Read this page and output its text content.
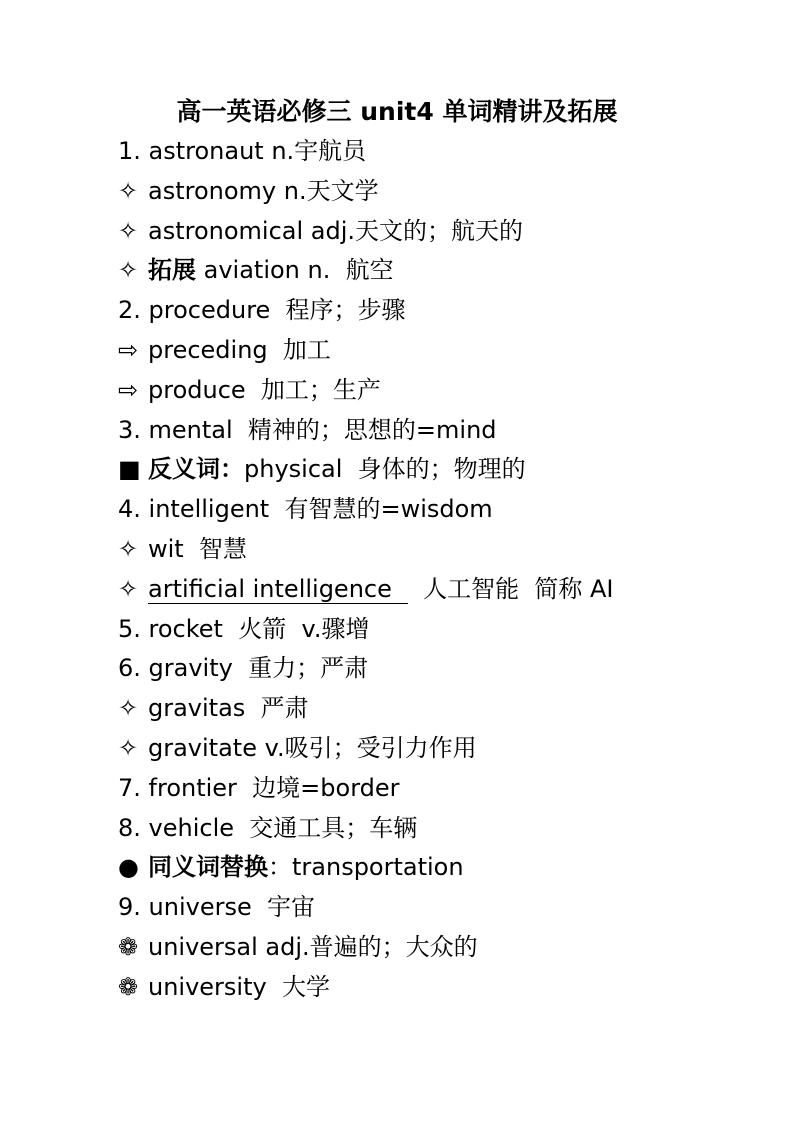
高一英语必修三 unit4 单词精讲及拓展
1. astronaut n.宇航员
✧ astronomy n.天文学
✧ astronomical adj.天文的；航天的
✧ 拓展 aviation n.  航空
2. procedure  程序；步骤
⇨ preceding  加工
⇨ produce  加工；生产
3. mental  精神的；思想的=mind
■ 反义词：physical  身体的；物理的
4. intelligent  有智慧的=wisdom
✧ wit  智慧
✧ artificial intelligence  人工智能  简称 AI
5. rocket  火箭  v.骤增
6. gravity  重力；严肃
✧ gravitas  严肃
✧ gravitate v.吸引；受引力作用
7. frontier  边境=border
8. vehicle  交通工具；车辆
● 同义词替换：transportation
9. universe  宇宙
❁ universal adj.普遍的；大众的
❁ university  大学
